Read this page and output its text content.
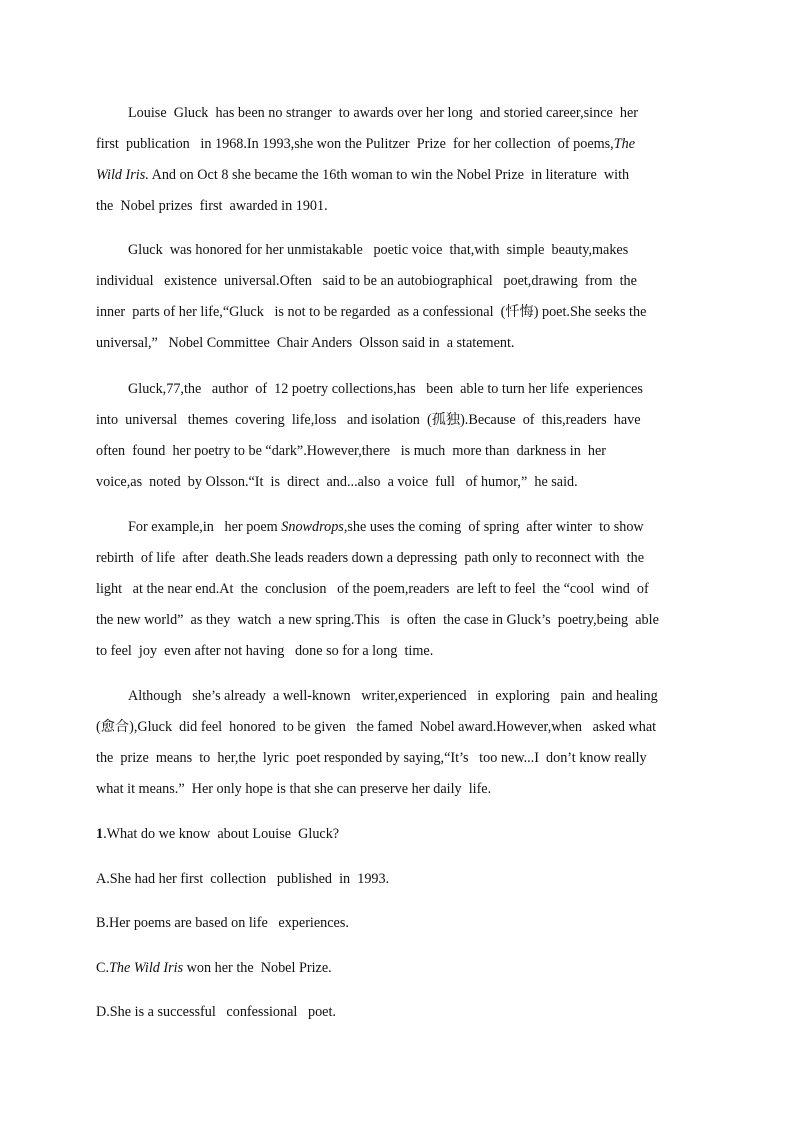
Louise  Gluck  has been no stranger  to awards over her long  and storied career,since  her
first  publication   in 1968.In 1993,she won the Pulitzer  Prize  for her collection  of poems,The
Wild Iris. And on Oct 8 she became the 16th woman to win the Nobel Prize  in literature  with
the  Nobel prizes  first  awarded in 1901.
Gluck  was honored for her unmistakable   poetic voice  that,with  simple  beauty,makes
individual   existence  universal.Often   said to be an autobiographical   poet,drawing  from  the
inner  parts of her life,“Gluck   is not to be regarded  as a confessional  (忏悔) poet.She seeks the
universal,”   Nobel Committee  Chair Anders  Olsson said in  a statement.
Gluck,77,the   author  of  12 poetry collections,has   been  able to turn her life  experiences
into  universal   themes  covering  life,loss   and isolation  (孤独).Because  of  this,readers  have
often  found  her poetry to be “dark”.However,there   is much  more than  darkness in  her
voice,as  noted  by Olsson.“It  is  direct  and...also  a voice  full   of humor,”  he said.
For example,in   her poem Snowdrops,she uses the coming  of spring  after winter  to show
rebirth  of life  after  death.She leads readers down a depressing  path only to reconnect with  the
light   at the near end.At  the  conclusion   of the poem,readers  are left to feel  the “cool  wind  of
the new world”  as they  watch  a new spring.This   is  often  the case in Gluck’s  poetry,being  able
to feel  joy  even after not having   done so for a long  time.
Although   she’s already  a well-known   writer,experienced   in  exploring   pain  and healing
(愈合),Gluck  did feel  honored  to be given   the famed  Nobel award.However,when   asked what
the  prize  means  to  her,the  lyric  poet responded by saying,“It’s   too new...I  don’t know really
what it means.”  Her only hope is that she can preserve her daily  life.

1.What do we know  about Louise  Gluck?

A.She had her first  collection   published  in  1993.

B.Her poems are based on life   experiences.

C.The Wild Iris won her the  Nobel Prize.

D.She is a successful   confessional   poet.
